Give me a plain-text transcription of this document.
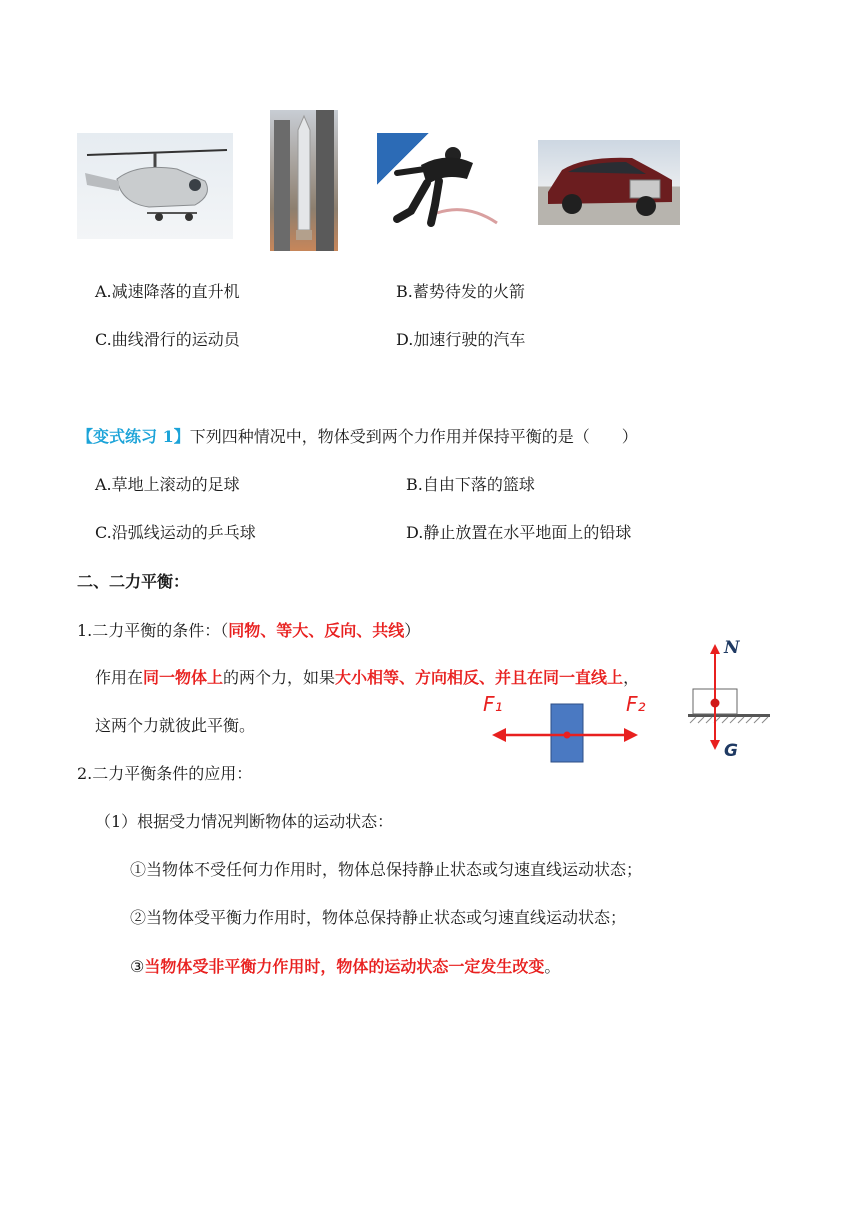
A.减速降落的直升机	B.蓄势待发的火箭
C.曲线滑行的运动员	D.加速行驶的汽车
【变式练习 1】下列四种情况中，物体受到两个力作用并保持平衡的是（　　）
A.草地上滚动的足球	B.自由下落的篮球
C.沿弧线运动的乒乓球	D.静止放置在水平地面上的铅球
二、二力平衡：
1.二力平衡的条件：（同物、等大、反向、共线）
作用在同一物体上的两个力，如果大小相等、方向相反、并且在同一直线上，
这两个力就彼此平衡。
2.二力平衡条件的应用：
（1）根据受力情况判断物体的运动状态：
①当物体不受任何力作用时，物体总保持静止状态或匀速直线运动状态；
②当物体受平衡力作用时，物体总保持静止状态或匀速直线运动状态；
③当物体受非平衡力作用时，物体的运动状态一定发生改变。
F₁	F₂
N
G
